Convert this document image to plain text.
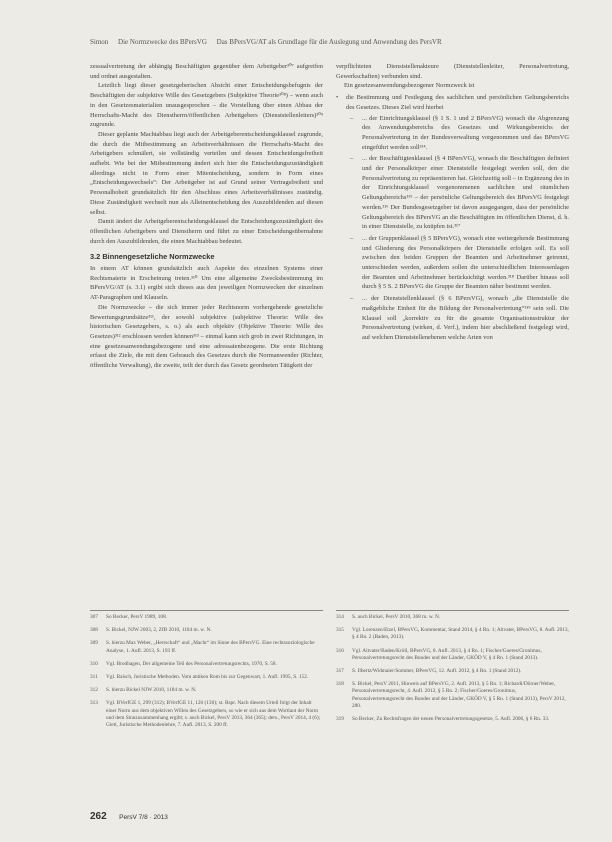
Simon Die Normzwecke des BPersVG Das BPersVG/AT als Grundlage für die Auslegung und Anwendung des PersVR

zessualvertretung der abhängig Beschäftigten gegenüber dem Arbeitgeber³⁰⁷ aufgreifen und ordnet ausgestalten.

Letztlich liegt dieser gesetzgeberischen Absicht einer Entscheidungsbefugnis der Beschäftigten der subjektive Wille des Gesetzgebers (Subjektive Theorie³⁰⁸) – wenn auch in den Gesetzesmaterialien unausgesprochen – die Vorstellung über einen Abbau der Herrschafts-Macht des Dienstherrn/öffentlichen Arbeitgebers (Dienststellenleiters)³⁰⁹ zugrunde.

Dieser geplante Machtabbau liegt auch der Arbeitgeberentscheidungsklausel zugrunde, die durch die Mitbestimmung an Arbeitsverhältnissen die Herrschafts-Macht des Arbeitgebers schmälert, sie vollständig verteilen und dessen Entscheidungsfreiheit aufhebt. Wie bei der Mitbestimmung ändert sich hier die Entscheidungszuständigkeit allerdings nicht in Form einer Mitentscheidung, sondern in Form eines „Entscheidungswechsels“: Der Arbeitgeber ist auf Grund seiner Vertragsfreiheit und Personalhoheit grundsätzlich für den Abschluss eines Arbeitsverhältnisses zuständig. Diese Zuständigkeit wechselt nun als Alleinentscheidung des Auszubildenden auf diesen selbst.

Damit ändert die Arbeitgeberentscheidungsklausel die Entscheidungszuständigkeit des öffentlichen Arbeitgebers und Dienstherrn und führt zu einer Entscheidungsübernahme durch den Auszubildenden, die einen Machtabbau bedeutet.

3.2 Binnengesetzliche Normzwecke

In einem AT können grundsätzlich auch Aspekte des einzelnen Systems einer Rechtsmaterie in Erscheinung treten.³¹⁰ Um eine allgemeine Zwecksbestimmung im BPersVG/AT (s. 3.1) ergibt sich dieses aus den jeweiligen Normzwecken der einzelnen AT-Paragraphen und Klauseln.

Die Normzwecke – die sich immer jeder Rechtsnorm vorhergehende gesetzliche Bewertungsgrundsätze³¹¹, der sowohl subjektive (subjektive Theorie: Wille des historischen Gesetzgebers, s. o.) als auch objektiv (Objektive Theorie: Wille des Gesetzes)³¹² erschlossen werden können³¹³ – einmal kann sich grob in zwei Richtungen, in eine gesetzesanwendungsbezogene und eine adressatenbezogene. Die erste Richtung erfasst die Ziele, die mit dem Gebrauch des Gesetzes durch die Normanwender (Richter, öffentliche Verwaltung), die zweite, teilt der durch das Gesetz geordneten Tätigkeit der

verpflichteten Dienststellenakteure (Dienststellenleiter, Personalvertretung, Gewerkschaften) verbunden sind.

Ein gesetzesanwendungsbezogener Normzweck ist

• die Bestimmung und Festlegung des sachlichen und persönlichen Geltungsbereichs des Gesetzes. Dieses Ziel wird hierbei
– ... der Einrichtungsklausel (§ 1 S. 1 und 2 BPersVG) wonach die Abgrenzung des Anwendungsbereichs des Gesetzes und Wirkungsbereichs der Personalvertretung in der Bundesverwaltung vorgenommen und das BPersVG eingeführt werden soll³¹⁴.
– ... der Beschäftigtenklausel (§ 4 BPersVG), wonach die Beschäftigten definiert und der Personalkörper einer Dienststelle festgelegt werden soll, den die Personalvertretung zu repräsentieren hat. Gleichzeitig soll – in Ergänzung des in der Einrichtungsklausel vorgenommenen sachlichen und räumlichen Geltungsbereichs³¹⁵ – der persönliche Geltungsbereich des BPersVG festgelegt werden.³¹⁶ Der Bundesgesetzgeber ist davon ausgegangen, dass der persönliche Geltungsbereich des BPersVG an die Beschäftigten im öffentlichen Dienst, d. h. in einer Dienststelle, zu knüpfen ist.³¹⁷
– ... der Gruppenklausel (§ 5 BPersVG), wonach eine weitergehende Bestimmung und Gliederung des Personalkörpers der Dienststelle erfolgen soll. Es soll zwischen den beiden Gruppen der Beamten und Arbeitnehmer getrennt, unterschieden werden, außerdem sollen die unterschiedlichen Interessenlagen der Beamten und Arbeitnehmer berücksichtigt werden.³¹⁸ Darüber hinaus soll durch § 5 S. 2 BPersVG die Gruppe der Beamten näher bestimmt werden.
– ... der Dienststellenklausel (§ 6 BPersVG), wonach „die Dienststelle die maßgebliche Einheit für die Bildung der Personalvertretung“³¹⁹ sein soll. Die Klausel soll „korrektiv zu für die gesamte Organisationsstruktur der Personalvertretung (wirken, d. Verf.), indem hier abschließend festgelegt wird, auf welchen Dienststellenebenen welche Arten von
307 So Becker, PersV 1989, 108.
308 S. Bickel, NJW 2003, 2, ZfB 2010, 1184 m. w. N.
309 S. hierzu Max Weber, „Herrschaft“ und „Macht“ im Sinne des BPersVG. Eine rechtssoziologische Analyse, 1. Aufl. 2013, S. 193 ff.
310 Vgl. Brodhagen, Der allgemeine Teil des Personalvertretungsrechts, 1970, S. 58.
311 Vgl. Raisch, Juristische Methoden. Vom antiken Rom bis zur Gegenwart, 1. Aufl. 1995, S. 152.
312 S. hierzu Bickel NJW 2010, 1184 m. w. N.
313 Vgl. BVerfGE 1, 299 (312); BVerfGE 11, 126 (130); st. Rspr. Nach diesem Urteil folgt der Inhalt einer Norm aus dem objektiven Willen des Gesetzgebers, so wie er sich aus dem Wortlaut der Norm und dem Sinnzusammenhang ergibt; s. auch Bickel, PersV 2013, 364 (365); ders., PersV 2014, 4 (6); Gietl, Juristische Methodenlehre, 7. Aufl. 2013, S. 200 ff.
314 S. auch Bickel, PersV 2010, 368 m. w. N.
315 Vgl. Lorenzen/Etzel, BPersVG, Kommentar, Stand 2014, § 4 Rn. 1; Altvater, BPersVG, 8. Aufl. 2013, § 4 Rn. 2 (Baden, 2013).
316 Vgl. Altvater/Baden/Kröll, BPersVG, 8. Aufl. 2013, § 4 Rn. 1; Fischer/Goeres/Gronimus, Personalvertretungsrecht des Bundes und der Länder, GKÖD V, § 4 Rn. 1 (Stand 2013).
317 S. Ilbertz/Widmaier/Sommer, BPersVG, 12. Aufl. 2012, § 4 Rn. 1 (Stand 2012).
318 S. Bickel, PersV 2011, Hinweis auf BPersVG, 2. Aufl. 2013, § 5 Rn. 1; Richardi/Dörner/Weber, Personalvertretungsrecht, 4. Aufl. 2012, § 5 Rn. 2; Fischer/Goeres/Gronimus, Personalvertretungsrecht des Bundes und der Länder, GKÖD V, § 5 Rn. 1 (Stand 2013), PersV 2012, 280.
319 So Becker, Zu Rechtsfragen der neuen Personalvertretungsgesetze, 5. Aufl. 2006, § 6 Rn. 33.
262 PersV 7/8 · 2013
